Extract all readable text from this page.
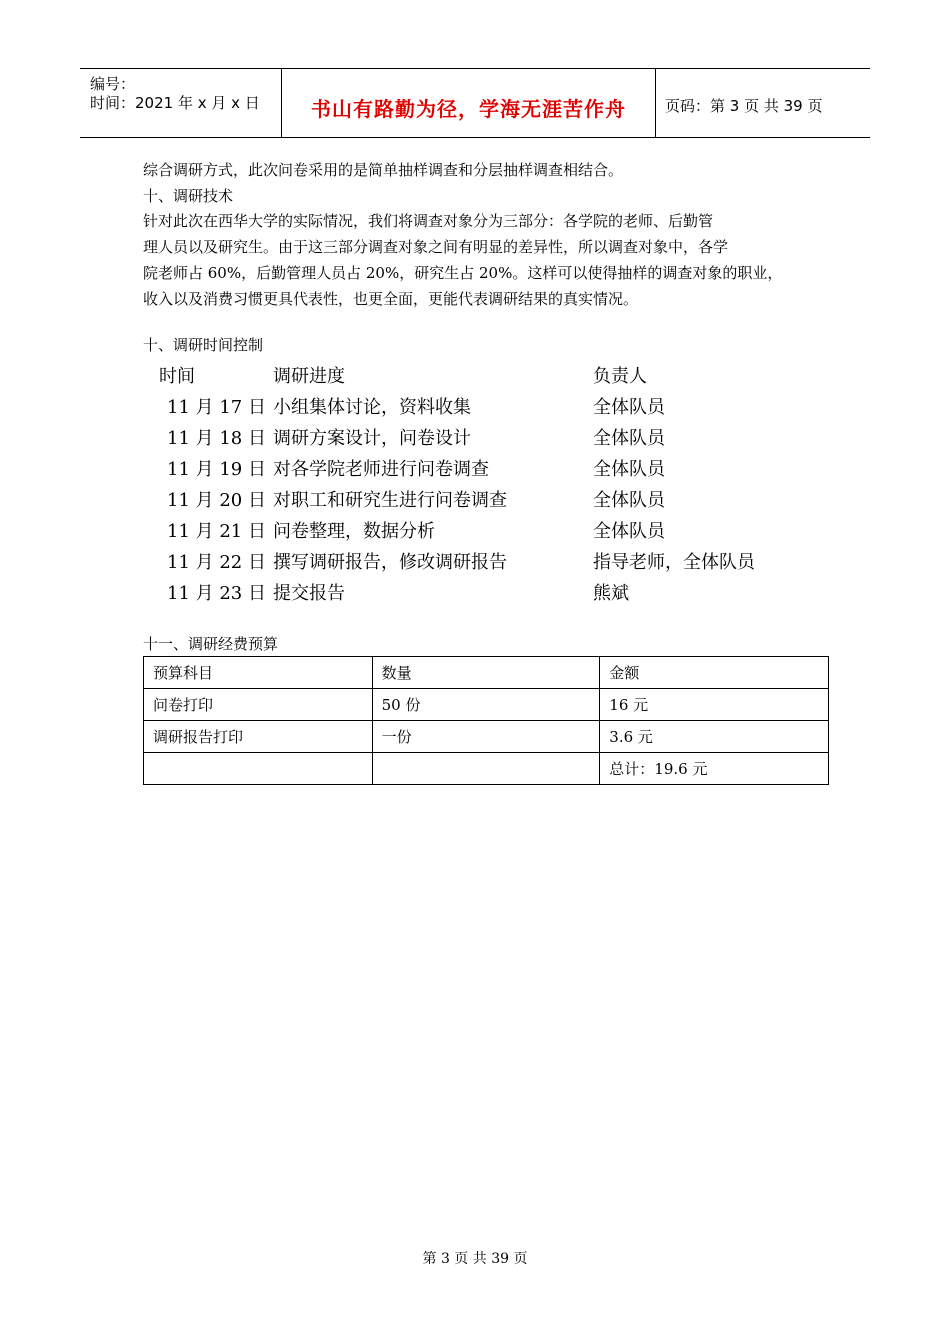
编号：
时间：2021 年 x 月 x 日	书山有路勤为径，学海无涯苦作舟	页码：第 3 页 共 39 页
综合调研方式，此次问卷采用的是简单抽样调查和分层抽样调查相结合。
十、调研技术

针对此次在西华大学的实际情况，我们将调查对象分为三部分：各学院的老师、后勤管

理人员以及研究生。由于这三部分调查对象之间有明显的差异性，所以调查对象中，各学

院老师占 60%，后勤管理人员占 20%，研究生占 20%。这样可以使得抽样的调查对象的职业，

收入以及消费习惯更具代表性，也更全面，更能代表调研结果的真实情况。

十、调研时间控制
时间	调研进度	负责人
11 月 17 日 小组集体讨论，资料收集	全体队员
11 月 18 日 调研方案设计，问卷设计	全体队员
11 月 19 日 对各学院老师进行问卷调查	全体队员
11 月 20 日 对职工和研究生进行问卷调查	全体队员
11 月 21 日 问卷整理，数据分析	全体队员
11 月 22 日 撰写调研报告，修改调研报告	指导老师，全体队员
11 月 23 日 提交报告	熊斌
十一、调研经费预算
预算科目	数量	金额
问卷打印	50 份	16 元
调研报告打印	一份	3.6 元
		总计：19.6 元
第 3 页 共 39 页
